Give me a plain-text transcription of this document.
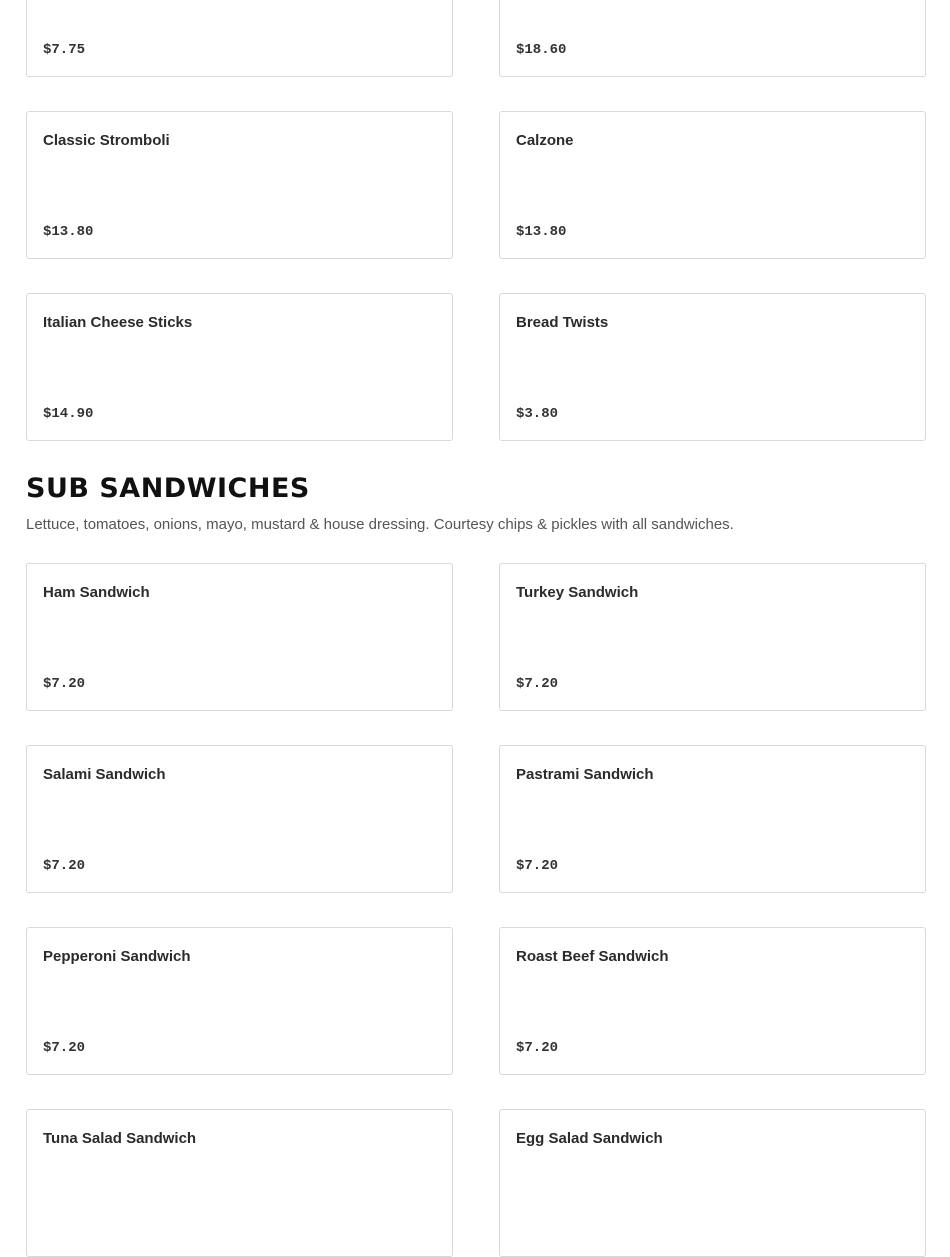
$7.75	$18.60
Classic Stromboli
$13.80
Calzone
$13.80
Italian Cheese Sticks
$14.90
Bread Twists
$3.80
SUB SANDWICHES

Lettuce, tomatoes, onions, mayo, mustard & house dressing. Courtesy chips & pickles with all sandwiches.

Ham Sandwich
$7.20
Turkey Sandwich
$7.20
Salami Sandwich
$7.20
Pastrami Sandwich
$7.20
Pepperoni Sandwich
$7.20
Roast Beef Sandwich
$7.20
Tuna Salad Sandwich	Egg Salad Sandwich
